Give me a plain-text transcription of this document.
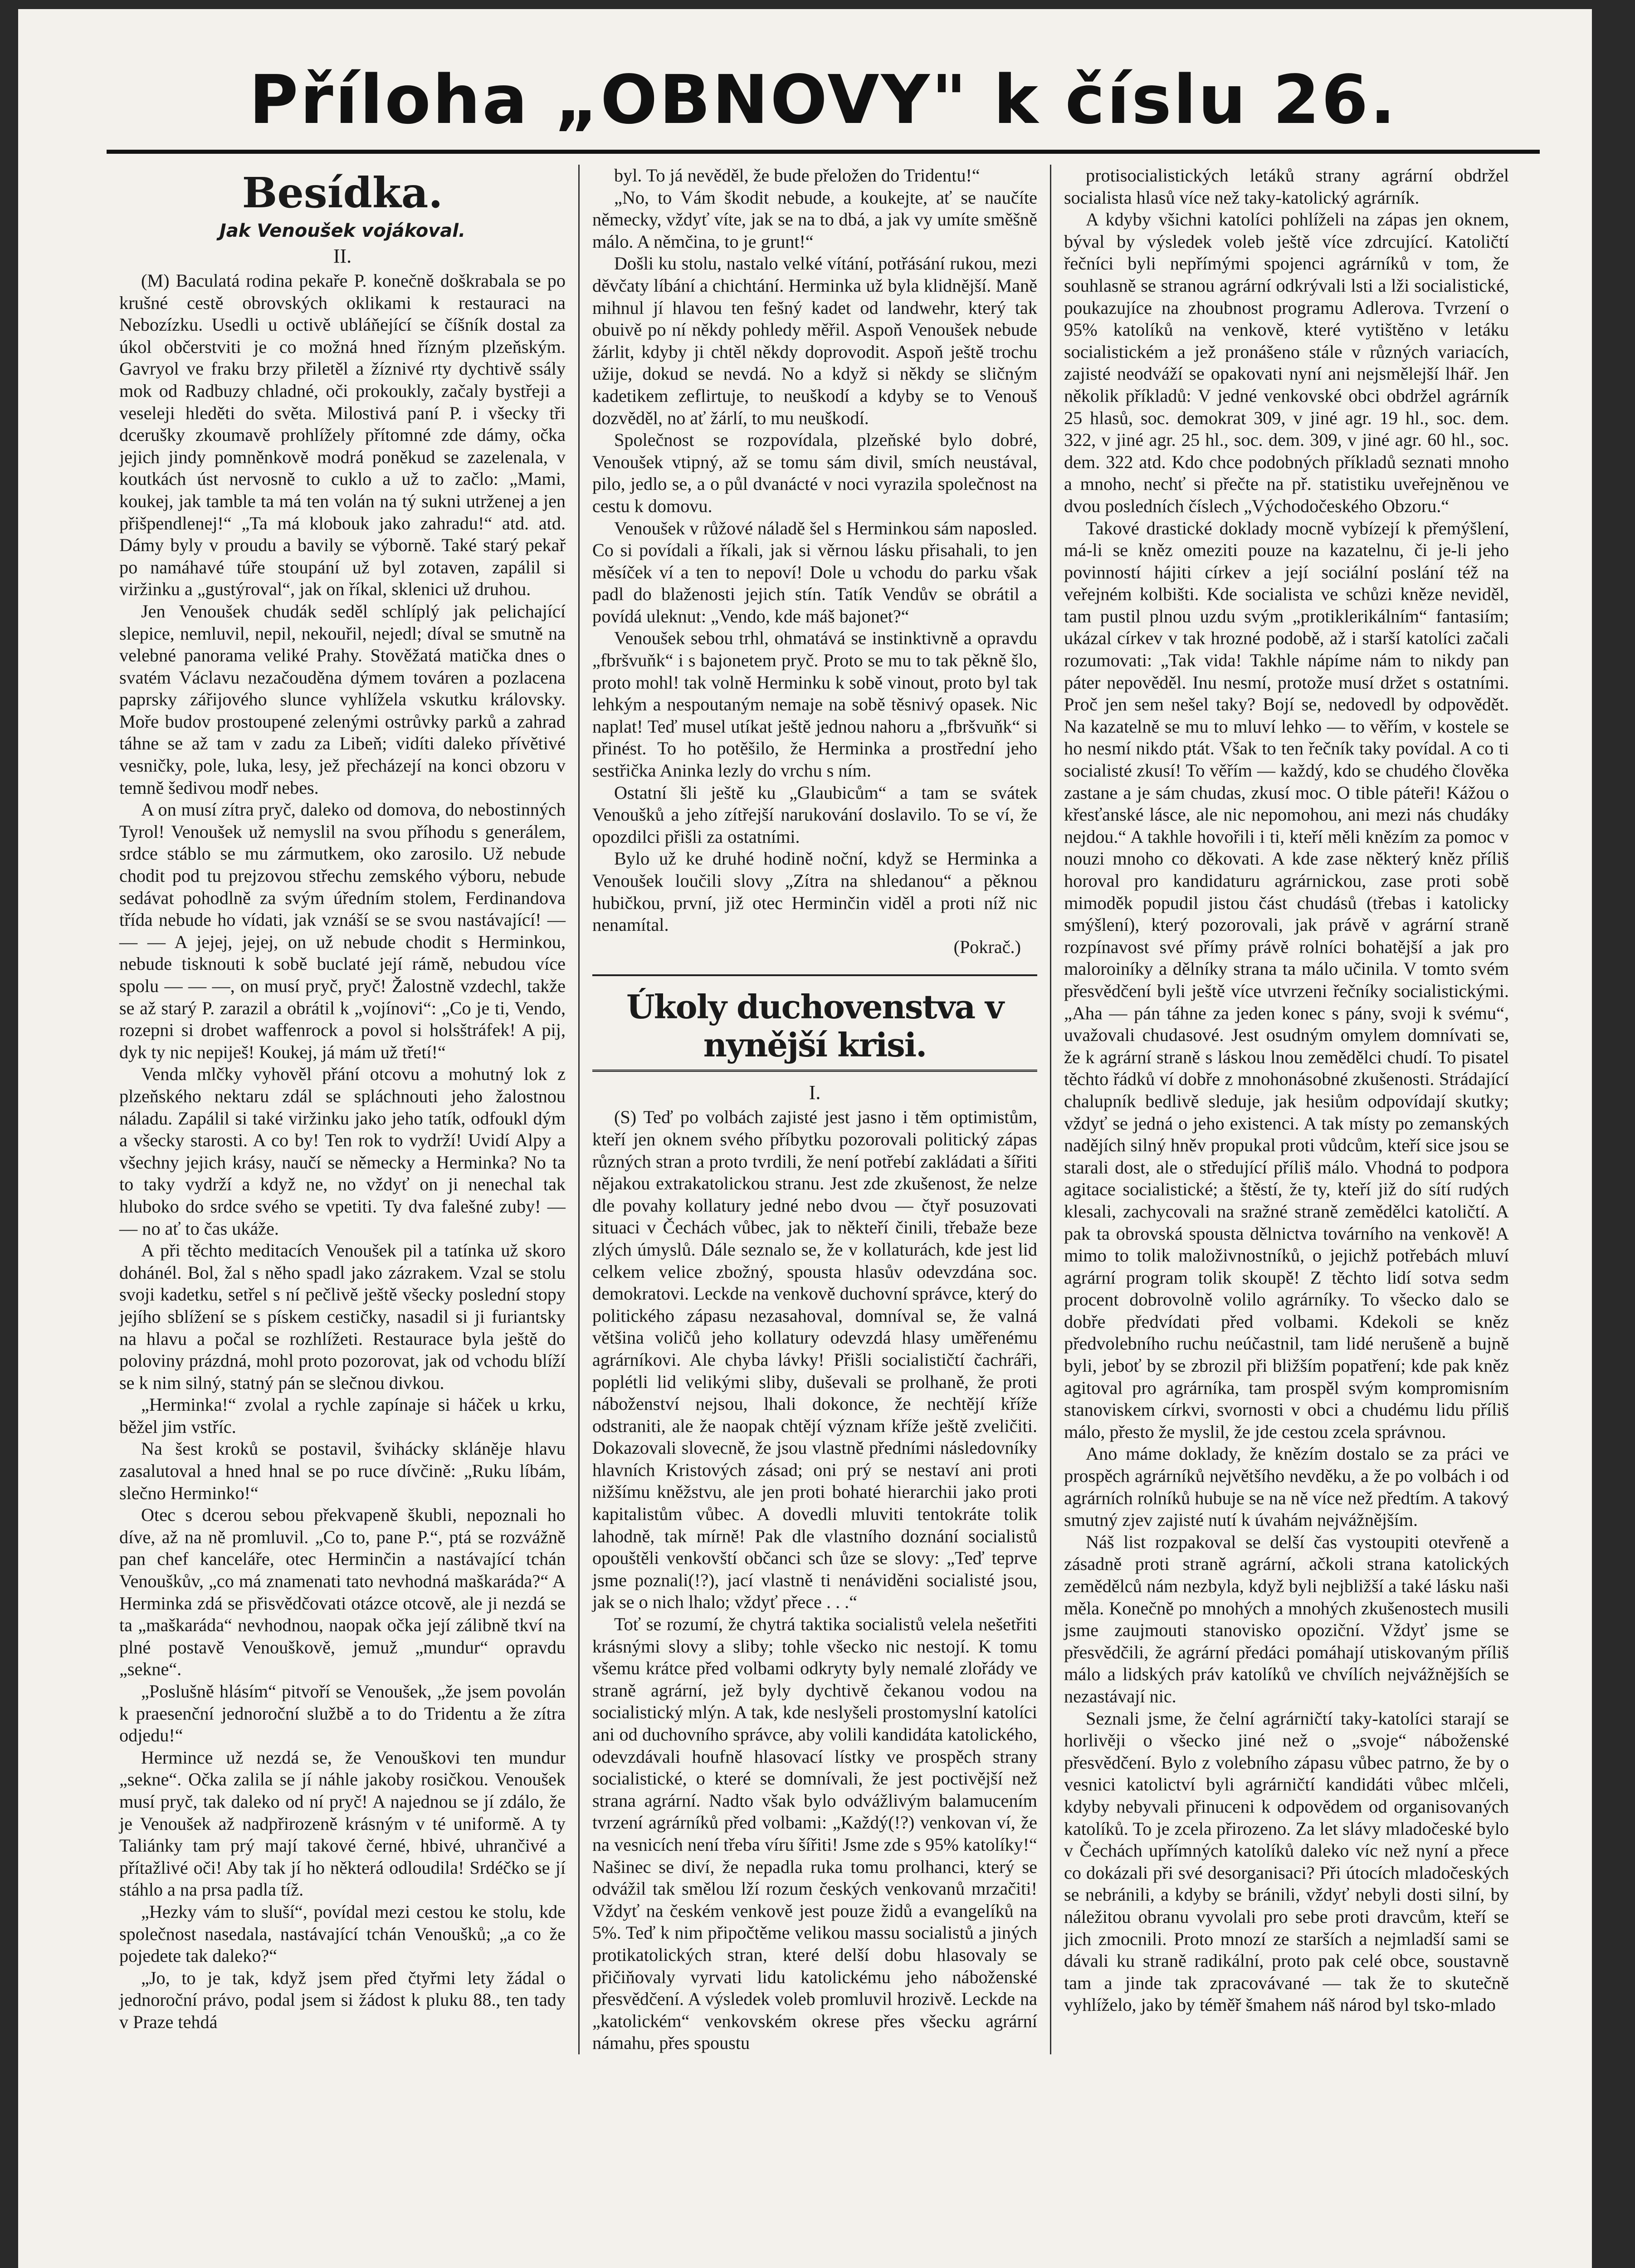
Příloha „OBNOVY" k číslu 26.
Besídka.
Jak Venoušek vojákoval.
II.

(M) Baculatá rodina pekaře P. konečně doškrabala se po krušné cestě obrovských oklikami k restauraci na Nebozízku. Usedli u octivě ubláňející se číšník dostal za úkol občerstviti je co možná hned řízným plzeňským. Gavryol ve fraku brzy přiletěl a žíznivé rty dychtivě ssály mok od Radbuzy chladné, oči prokoukly, začaly bystřeji a veseleji hleděti do světa. Milostivá paní P. i všecky tři dceruškу zkoumavě prohlížely přítomné zde dámy, očka jejich jindy pomněnkově modrá poněkud se zazelenala, v koutkách úst nervosně to cuklo a už to začlo: „Mami, koukej, jak tamble ta má ten volán na tý sukni utrženej a jen přišpendlenej!“ „Ta má klobouk jako zahradu!“ atd. atd. Dámy byly v proudu a bavily se výborně. Také starý pekař po namáhavé túře stoupání už byl zotaven, zapálil si viržinku a „gustýroval“, jak on říkal, sklenici už druhou.

Jen Venoušek chudák seděl schlíplý jak pelichající slepice, nemluvil, nepil, nekouřil, nejedl; díval se smutně na velebné panorama veliké Prahy. Stověžatá matička dnes o svatém Václavu nezačouděna dýmem továren a pozlacena paprsky zářijového slunce vyhlížela vskutku královsky. Moře budov prostoupené zelenými ostrůvky parků a zahrad táhne se až tam v zadu za Libeň; vidíti daleko přívětivé vesničky, pole, luka, lesy, jež přecházejí na konci obzoru v temně šedivou modř nebes.

A on musí zítra pryč, daleko od domova, do nebostinných Tyrol! Venoušek už nemyslil na svou příhodu s generálem, srdce stáblo se mu zármutkem, oko zarosilo. Už nebude chodit pod tu prejzovou střechu zemského výboru, nebude sedávat pohodlně za svým úředním stolem, Ferdinandova třída nebude ho vídati, jak vznáší se se svou nastávající! — — — A jejej, jejej, on už nebude chodit s Herminkou, nebude tisknouti k sobě buclaté její rámě, nebudou více spolu — — —, on musí pryč, pryč! Žalostně vzdechl, takže se až starý P. zarazil a obrátil k „vojínovi“: „Co je ti, Vendo, rozepni si drobet waffenrock a povol si holsštráfek! A pij, dyk ty nic nepiješ! Koukej, já mám už třetí!“

Venda mlčky vyhověl přání otcovu a mohutný lok z plzeňského nektaru zdál se spláchnouti jeho žalostnou náladu. Zapálil si také viržinku jako jeho tatík, odfoukl dým a všecky starosti. A co by! Ten rok to vydrží! Uvidí Alpy a všechny jejich krásy, naučí se německy a Herminka? No ta to taky vydrží a když ne, no vždyť on ji nenechal tak hluboko do srdce svého se vpetiti. Ty dva falešné zuby! — — no ať to čas ukáže.

A při těchto meditacích Venoušek pil a tatínka už skoro dohánél. Bol, žal s něho spadl jako zázrakem. Vzal se stolu svoji kadetku, setřel s ní pečlivě ještě všecky poslední stopy jejího sblížení se s pískem cestičky, nasadil si ji furiantsky na hlavu a počal se rozhlížeti. Restaurace byla ještě do poloviny prázdná, mohl proto pozorovat, jak od vchodu blíží se k nim silný, statný pán se slečnou divkou.

„Herminka!“ zvolal a rychle zapínaje si háček u krku, běžel jim vstříc.

Na šest kroků se postavil, švihácky skláněje hlavu zasalutoval a hned hnal se po ruce dívčině: „Ruku líbám, slečno Herminko!“

Otec s dcerou sebou překvapeně škubli, nepoznali ho díve, až na ně promluvil. „Co to, pane P.“, ptá se rozvážně pan chef kanceláře, otec Herminčin a nastávající tchán Venouškův, „co má znamenati tato nevhodná maškaráda?“ A Herminka zdá se přisvědčovati otázce otcově, ale ji nezdá se ta „maškaráda“ nevhodnou, naopak očka její zálibně tkví na plné postavě Venouškově, jemuž „mundur“ opravdu „sekne“.

„Poslušně hlásím“ pitvoří se Venoušek, „že jsem povolán k praesenční jednoroční službě a to do Tridentu a že zítra odjedu!“

Hermince už nezdá se, že Venouškovi ten mundur „sekne“. Očka zalila se jí náhle jakoby rosičkou. Venoušek musí pryč, tak daleko od ní pryč! A najednou se jí zdálo, že je Venoušek až nadpřirozeně krásným v té uniformě. A ty Taliánky tam prý mají takové černé, hbivé, uhrančivé a přítažlivé oči! Aby tak jí ho některá odloudila! Srdéčko se jí stáhlo a na prsa padla tíž.

„Hezky vám to sluší“, povídal mezi cestou ke stolu, kde společnost nasedala, nastávající tchán Venoušků; „a co že pojedete tak daleko?“

„Jo, to je tak, když jsem před čtyřmi lety žádal o jednoroční právo, podal jsem si žádost k pluku 88., ten tady v Praze tehdá

byl. To já nevěděl, že bude přeložen do Tridentu!“

„No, to Vám škodit nebude, a koukejte, ať se naučíte německy, vždyť víte, jak se na to dbá, a jak vy umíte směšně málo. A němčina, to je grunt!“

Došli ku stolu, nastalo velké vítání, potřásání rukou, mezi děvčaty líbání a chichtání. Herminka už byla klidnější. Maně mihnul jí hlavou ten fešný kadet od landwehr, který tak obuivě po ní někdy pohledy měřil. Aspoň Venoušek nebude žárlit, kdyby ji chtěl někdy doprovodit. Aspoň ještě trochu užije, dokud se nevdá. No a když si někdy se sličným kadetikem zeflirtuje, to neuškodí a kdyby se to Venouš dozvěděl, no ať žárlí, to mu neuškodí.

Společnost se rozpovídala, plzeňské bylo dobré, Venoušek vtipný, až se tomu sám divil, smích neustával, pilo, jedlo se, a o půl dvanácté v noci vyrazila společnost na cestu k domovu.

Venoušek v růžové náladě šel s Herminkou sám naposled. Co si povídali a říkali, jak si věrnou lásku přisahali, to jen měsíček ví a ten to nepoví! Dole u vchodu do parku však padl do blaženosti jejich stín. Tatík Vendův se obrátil a povídá uleknut: „Vendo, kde máš bajonet?“

Venoušek sebou trhl, ohmatává se instinktivně a opravdu „fbršvuňk“ i s bajonetem pryč. Proto se mu to tak pěkně šlo, proto mohl! tak volně Herminku k sobě vinout, proto byl tak lehkým a nespoutaným nemaje na sobě těsnivý opasek. Nic naplat! Teď musel utíkat ještě jednou nahoru a „fbršvuňk“ si přinést. To ho potěšilo, že Herminka a prostřední jeho sestřička Aninka lezly do vrchu s ním.

Ostatní šli ještě ku „Glaubicům“ a tam se svátek Venoušků a jeho zítřejší narukování doslavilo. To se ví, že opozdilci přišli za ostatními.

Bylo už ke druhé hodině noční, když se Herminka a Venoušek loučili slovy „Zítra na shledanou“ a pěknou hubičkou, první, již otec Herminčin viděl a proti níž nic nenamítal.

(Pokrač.)

Úkoly duchovenstva v nynější krisi.
I.

(S) Teď po volbách zajisté jest jasno i těm optimistům, kteří jen oknem svého příbytku pozorovali politický zápas různých stran a proto tvrdili, že není potřebí zakládati a šířiti nějakou extrakatolickou stranu. Jest zde zkušenost, že nelze dle povahy kollatury jedné nebo dvou — čtyř posuzovati situaci v Čechách vůbec, jak to někteří činili, třebaže beze zlých úmyslů. Dále seznalo se, že v kollaturách, kde jest lid celkem velice zbožný, spousta hlasův odevzdána soc. demokratovi. Leckde na venkově duchovní správce, který do politického zápasu nezasahoval, domníval se, že valná většina voličů jeho kollatury odevzdá hlasy uměřenému agrárníkovi. Ale chyba lávky! Přišli socialističtí čachráři, poplétli lid velikými sliby, duševali se prolhaně, že proti náboženství nejsou, lhali dokonce, že nechtějí kříže odstraniti, ale že naopak chtějí význam kříže ještě zveličiti. Dokazovali sloveсně, že jsou vlastně předními následovníky hlavních Kristových zásad; oni prý se nestaví ani proti nižšímu kněžstvu, ale jen proti bohaté hierarchii jako proti kapitalistům vůbec. A dovedli mluviti tentokráte tolik lahodně, tak mírně! Pak dle vlastního doznání socialistů opouštěli venkovští občanci sch ůze se slovy: „Teď teprve jsme poznali(!?), jací vlastně ti nenáviděni socialisté jsou, jak se o nich lhalo; vždyť přece . . .“

Toť se rozumí, že chytrá taktika socialistů velela nešetřiti krásnými slovy a sliby; tohle všecko nic nestojí. K tomu všemu krátce před volbami odkryty byly nemalé zlořády ve straně agrární, jež byly dychtivě čekanou vodou na socialistický mlýn. A tak, kde neslyšeli prostomyslní katolíci ani od duchovního správce, aby volili kandidáta katolického, odevzdávali houfně hlasovací lístky ve prospěch strany socialistické, o které se domnívali, že jest poctivější než strana agrární. Nadto však bylo odvážlivým balamucením tvrzení agrárníků před volbami: „Každý(!?) venkovan ví, že na vesnicích není třeba víru šířiti! Jsme zde s 95% katolíky!“ Našinec se diví, že nepadla ruka tomu prolhanci, který se odvážil tak smělou lží rozum českých venkovanů mrzačiti! Vždyť na českém venkově jest pouze židů a evangelíků na 5%. Teď k nim připočtěme velikou massu socialistů a jiných protikatolických stran, které delší dobu hlasovaly se přičiňovaly vyrvati lidu katolickému jeho náboženské přesvědčení. A výsledek voleb promluvil hrozivě. Leckde na „katolickém“ venkovském okrese přes všecku agrární námahu, přes spoustu

protisocialistických letáků strany agrární obdržel socialista hlasů více než taky-katolický agrárník.

A kdyby všichni katolíci pohlíželi na zápas jen oknem, býval by výsledek voleb ještě více zdrcující. Katoličtí řečníci byli nepřímými spojenci agrárníků v tom, že souhlasně se stranou agrární odkrývali lsti a lži socialistické, poukazujíce na zhoubnost programu Adlerova. Tvrzení o 95% katolíků na venkově, které vytištěno v letáku socialistickém a jež pronášeno stále v různých variacích, zajisté neodváží se opakovati nyní ani nejsmělejší lhář. Jen několik příkladů: V jedné venkovské obci obdržel agrárník 25 hlasů, soc. demokrat 309, v jiné agr. 19 hl., soc. dem. 322, v jiné agr. 25 hl., soc. dem. 309, v jiné agr. 60 hl., soc. dem. 322 atd. Kdo chce podobných příkladů seznati mnoho a mnoho, nechť si přečte na př. statistiku uveřejněnou ve dvou posledních číslech „Východočeského Obzoru.“

Takové drastické doklady mocně vybízejí k přemýšlení, má-li se kněz omeziti pouze na kazatelnu, či je-li jeho povinností hájiti církev a její sociální poslání též na veřejném kolbišti. Kde socialista ve schůzi kněze neviděl, tam pustil plnou uzdu svým „protiklerikálním“ fantasiím; ukázal církev v tak hrozné podobě, až i starší katolíci začali rozumovati: „Tak vida! Takhle nápíme nám to nikdy pan páter nepověděl. Inu nesmí, protože musí držet s ostatními. Proč jen sem nešel taky? Bojí se, nedovedl by odpovědět. Na kazatelně se mu to mluví lehko — to věřím, v kostele se ho nesmí nikdo ptát. Však to ten řečník taky povídal. A co ti socialisté zkusí! To věřím — každý, kdo se chudého člověka zastane a je sám chudas, zkusí moc. O tible páteři! Kážou o křesťanské lásce, ale nic nepomohou, ani mezi nás chudáky nejdou.“ A takhle hovořili i ti, kteří měli knězím za pomoc v nouzi mnoho co děkovati. A kde zase některý kněz příliš horoval pro kandidaturu agrárnickou, zase proti sobě mimoděk popudil jistou část chudásů (třebas i katolicky smýšlení), který pozorovali, jak právě v agrární straně rozpínavost své přímy právě rolníci bohatější a jak pro maloroiníky a dělníky strana ta málo učinila. V tomto svém přesvědčení byli ještě více utvrzeni řečníky socialistickými. „Aha — pán táhne za jeden konec s pány, svoji k svému“, uvažovali chudasové. Jest osudným omylem domnívati se, že k agrární straně s láskou lnou zemědělci chudí. To pisatel těchto řádků ví dobře z mnohonásobné zkušenosti. Strádající chalupník bedlivě sleduje, jak hesiům odpovídají skutky; vždyť se jedná o jeho existenci. A tak místy po zemanských nadějích silný hněv propukal proti vůdcům, kteří sice jsou se starali dost, ale o středující příliš málo. Vhodná to podpora agitace socialistické; a štěstí, že ty, kteří již do sítí rudých klesali, zachycovali na sražné straně zemědělci katoličtí. A pak ta obrovská spousta dělnictva továrního na venkově! A mimo to tolik maloživnostníků, o jejichž potřebách mluví agrární program tolik skoupě! Z těchto lidí sotva sedm procent dobrovolně volilo agrárníky. To všecko dalo se dobře předvídati před volbami. Kdekoli se kněz předvolebního ruchu neúčastnil, tam lidé nerušeně a bujně byli, jeboť by se zbrozil při bližším popatření; kde pak kněz agitoval pro agrárníka, tam prospěl svým kompromisním stanoviskem církvi, svornosti v obci a chudému lidu příliš málo, přesto že myslil, že jde cestou zcela správnou.

Ano máme doklady, že knězím dostalo se za práci ve prospěch agrárníků největšího nevděku, a že po volbách i od agrárních rolníků hubuje se na ně více než předtím. A takový smutný zjev zajisté nutí k úvahám nejvážnějším.

Náš list rozpakoval se delší čas vystoupiti otevřeně a zásadně proti straně agrární, ačkoli strana katolických zemědělců nám nezbyla, když byli nejbližší a také lásku naši měla. Konečně po mnohých a mnohých zkušenostech musili jsme zaujmouti stanovisko opoziční. Vždyť jsme se přesvědčili, že agrární předáci pomáhají utiskovaným příliš málo a lidských práv katolíků ve chvílích nejvážnějších se nezastávají nic.

Seznali jsme, že čelní agrárničtí taky-katolíci starají se horlivěji o všecko jiné než o „svoje“ náboženské přesvědčení. Bylo z volebního zápasu vůbec patrno, že by o vesnici katolictví byli agrárničtí kandidáti vůbec mlčeli, kdyby nebyvali přinuceni k odpovědem od organisovaných katolíků. To je zcela přirozeno. Za let slávy mladočeské bylo v Čechách upřímných katolíků daleko víc než nyní a přece co dokázali při své desorganisaci? Při útocích mladočeských se nebránili, a kdyby se bránili, vždyť nebyli dosti silní, by náležitou obranu vyvolali pro sebe proti dravcům, kteří se jich zmocnili. Proto mnozí ze starších a nejmladší sami se dávali ku straně radikální, proto pak celé obce, soustavně tam a jinde tak zpracovávané — tak že to skutečně vyhlíželo, jako by téměř šmahem náš národ byl tsko-mlado
